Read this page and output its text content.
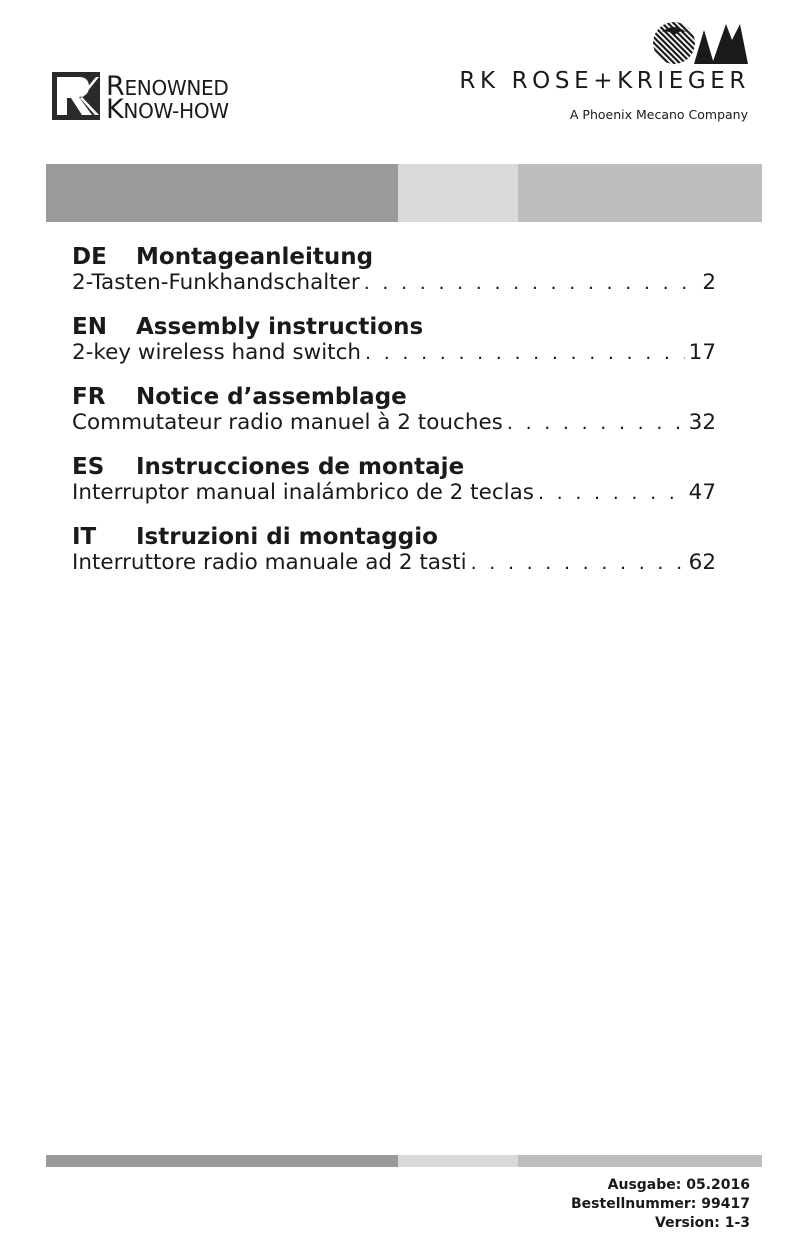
RENOWNED
KNOW-HOW
RK ROSE+KRIEGER
A Phoenix Mecano Company
DE	Montageanleitung
2-Tasten-Funkhandschalter . . .	2
EN	Assembly instructions
2-key wireless hand switch . . .	17
FR	Notice d’assemblage
Commutateur radio manuel à 2 touches . . .	32
ES	Instrucciones de montaje
Interruptor manual inalámbrico de 2 teclas . . .	47
IT	Istruzioni di montaggio
Interruttore radio manuale ad 2 tasti . . .	62
Ausgabe: 05.2016
Bestellnummer: 99417
Version: 1-3
